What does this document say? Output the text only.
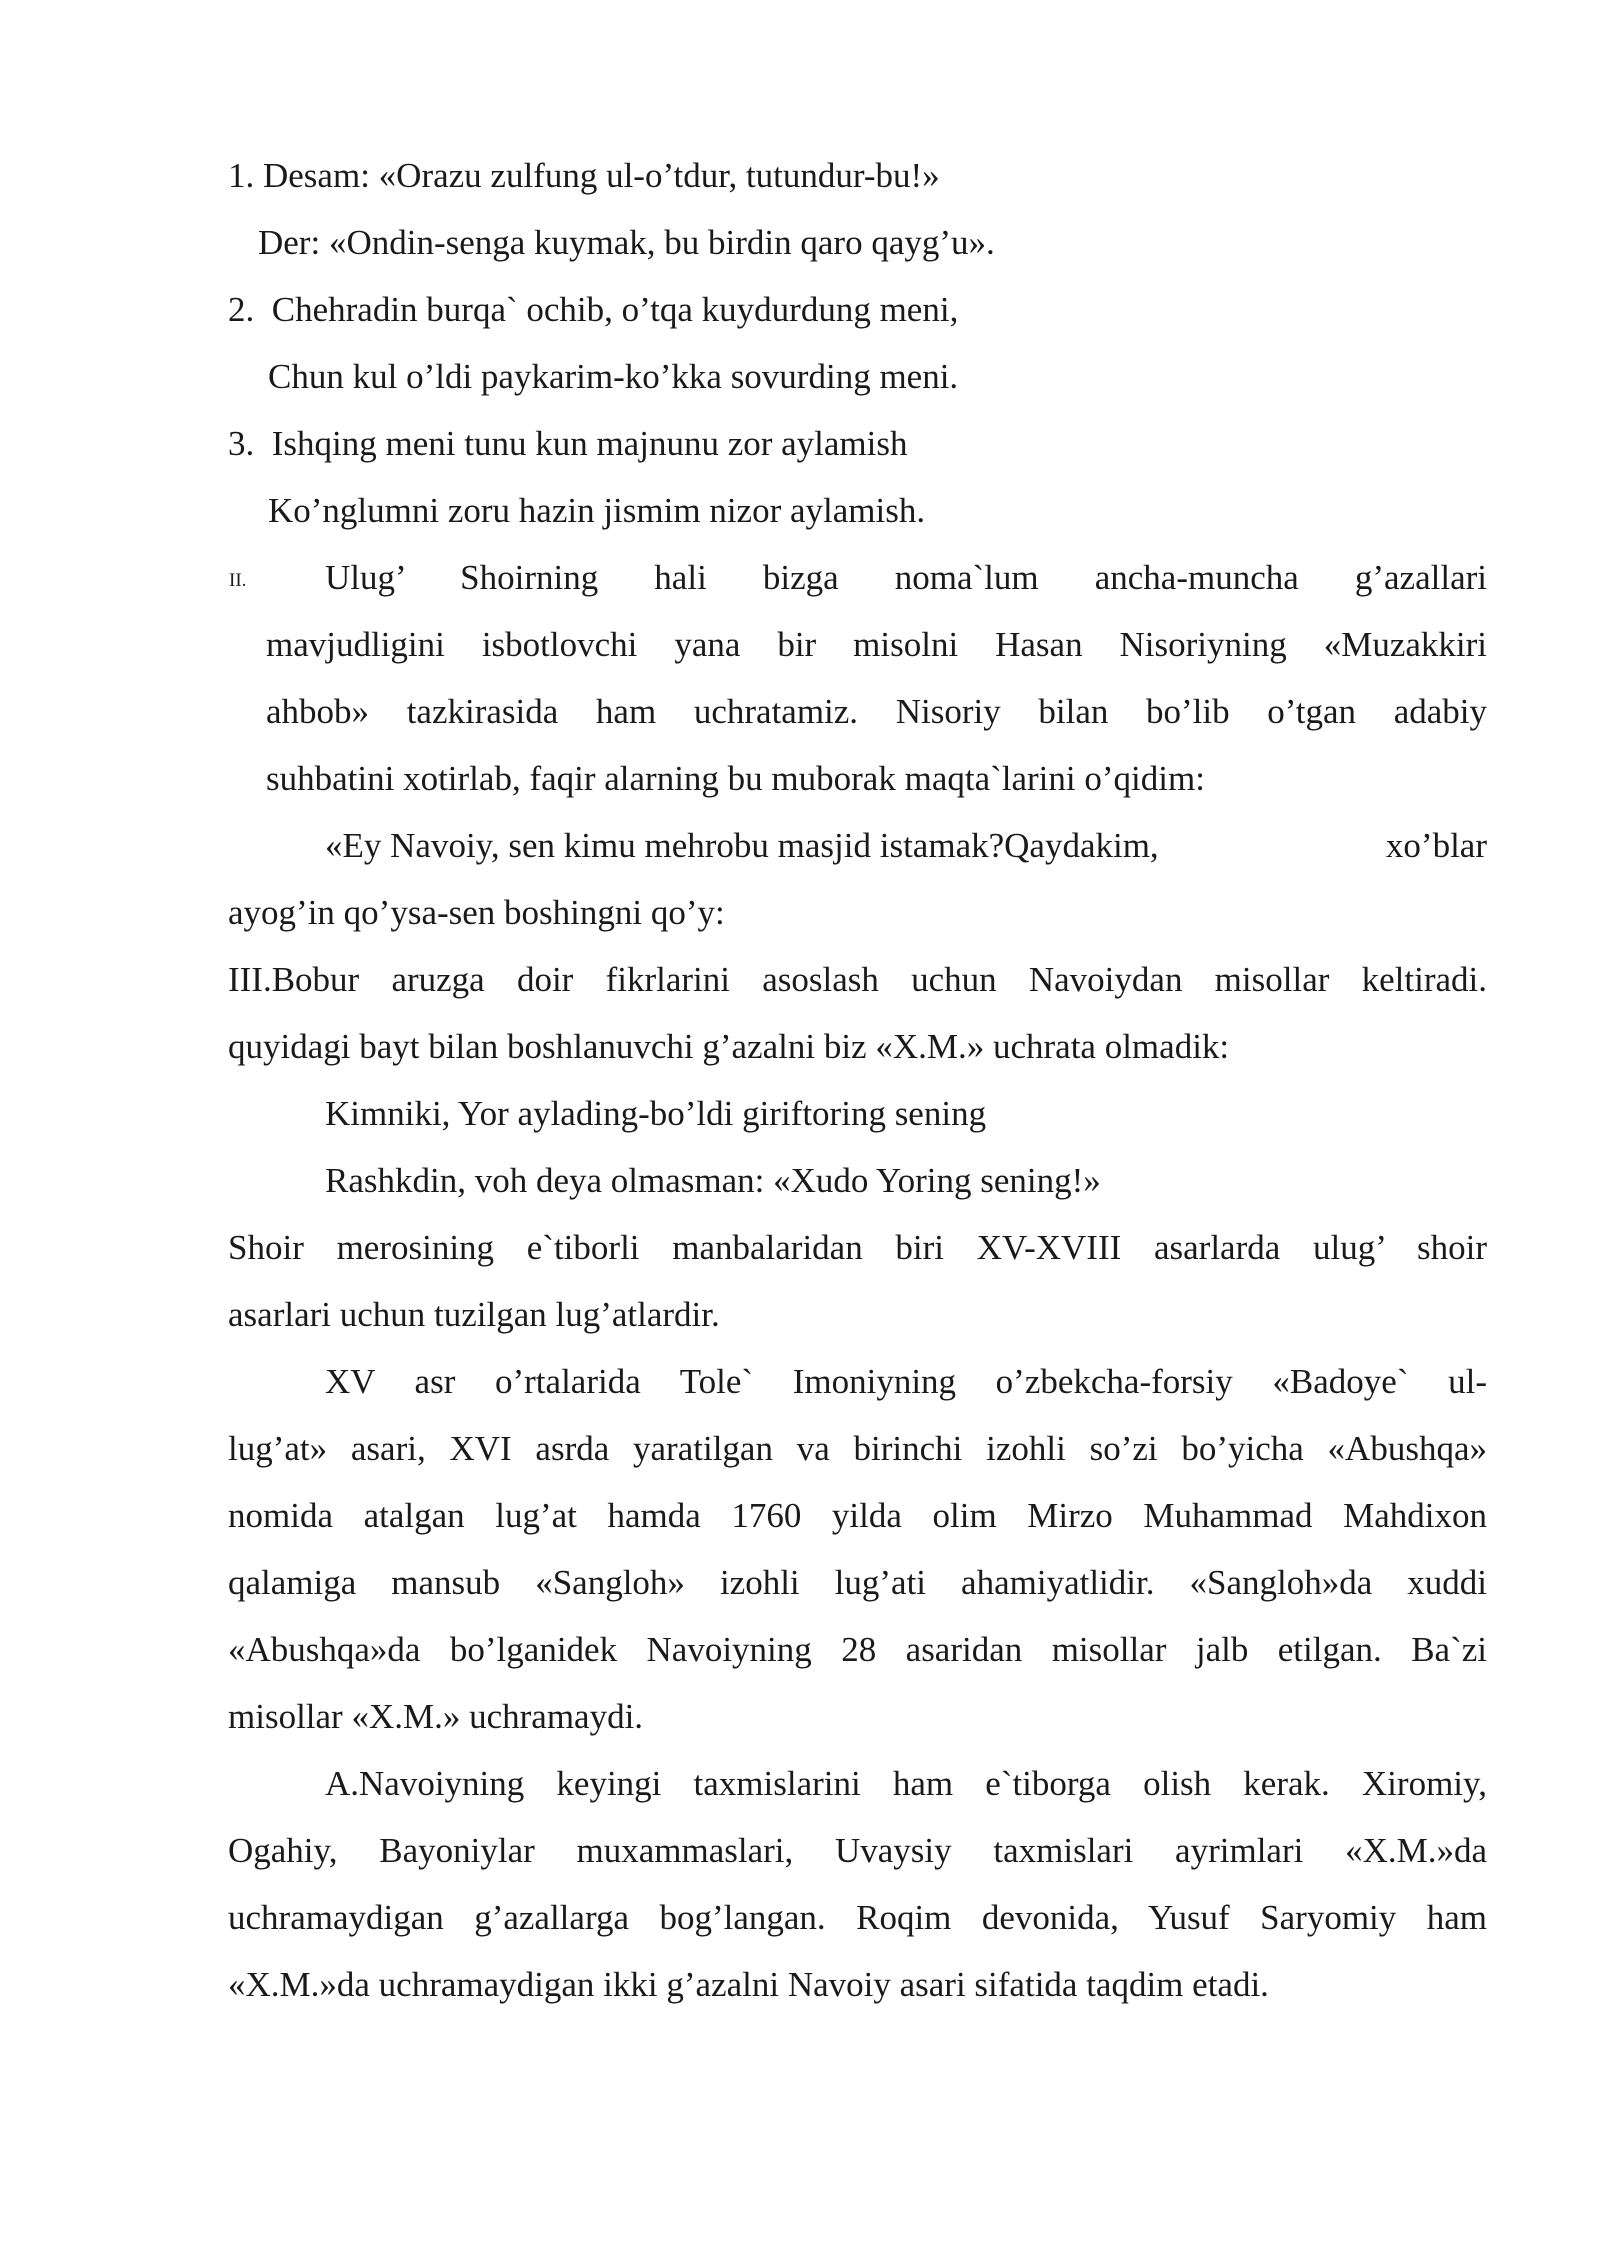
1. Desam: «Orazu zulfung ul-o’tdur, tutundur-bu!»
Der: «Ondin-senga kuymak, bu birdin qaro qayg’u».
2.  Chehradin burqa` ochib, o’tqa kuydurdung meni,
Chun kul o’ldi paykarim-ko’kka sovurding meni.
3.  Ishqing meni tunu kun majnunu zor aylamish
Ko’nglumni zoru hazin jismim nizor aylamish.
II. Ulug’ Shoirning hali bizga noma`lum ancha-muncha g’azallari
mavjudligini isbotlovchi yana bir misolni Hasan Nisoriyning «Muzakkiri
ahbob» tazkirasida ham uchratamiz. Nisoriy bilan bo’lib o’tgan adabiy
suhbatini xotirlab, faqir alarning bu muborak maqta`larini o’qidim:
«Ey Navoiy, sen kimu mehrobu masjid istamak?Qaydakim,	xo’blar
ayog’in qo’ysa-sen boshingni qo’y:
III.Bobur aruzga doir fikrlarini asoslash uchun Navoiydan misollar keltiradi.
quyidagi bayt bilan boshlanuvchi g’azalni biz «X.M.» uchrata olmadik:
Kimniki, Yor aylading-bo’ldi giriftoring sening
Rashkdin, voh deya olmasman: «Xudo Yoring sening!»
Shoir merosining e`tiborli manbalaridan biri XV-XVIII asarlarda ulug’ shoir
asarlari uchun tuzilgan lug’atlardir.
XV asr o’rtalarida Tole` Imoniyning o’zbekcha-forsiy «Badoye` ul-
lug’at» asari, XVI asrda yaratilgan va birinchi izohli so’zi bo’yicha «Abushqa»
nomida atalgan lug’at hamda 1760 yilda olim Mirzo Muhammad Mahdixon
qalamiga mansub «Sangloh» izohli lug’ati ahamiyatlidir. «Sangloh»da xuddi
«Abushqa»da bo’lganidek Navoiyning 28 asaridan misollar jalb etilgan. Ba`zi
misollar «X.M.» uchramaydi.
A.Navoiyning keyingi taxmislarini ham e`tiborga olish kerak. Xiromiy,
Ogahiy, Bayoniylar muxammaslari, Uvaysiy taxmislari ayrimlari «X.M.»da
uchramaydigan g’azallarga bog’langan. Roqim devonida, Yusuf Saryomiy ham
«X.M.»da uchramaydigan ikki g’azalni Navoiy asari sifatida taqdim etadi.
